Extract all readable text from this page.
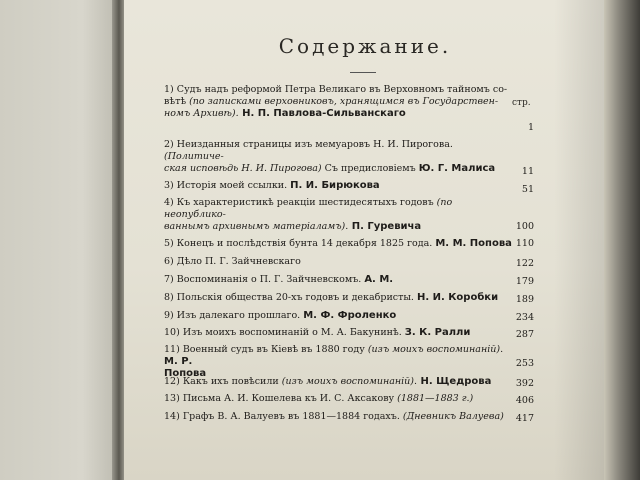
Содержание.
стр.
1) Судъ надъ реформой Петра Великаго въ Верховномъ тайномъ со-
вѣтѣ (по записками верховниковъ, хранящимся въ Государствен-
номъ Архивѣ). Н. П. Павлова-Сильванскаго
1
2) Неизданныя страницы изъ мемуаровъ Н. И. Пирогова. (Политиче-
ская исповѣдь Н. И. Пирогова) Съ предисловіемъ Ю. Г. Малиса	11
3) Исторія моей ссылки. П. И. Бирюкова	51
4) Къ характеристикѣ реакціи шестидесятыхъ годовъ (по неопублико-
ваннымъ архивнымъ матеріаламъ). П. Гуревича	100
5) Конецъ и послѣдствія бунта 14 декабря 1825 года. М. М. Попова 110
6) Дѣло П. Г. Зайчневскаго	122
7) Воспоминанія о П. Г. Зайчневскомъ. А. М.	179
8) Польскія общества 20-хъ годовъ и декабристы. Н. И. Коробки	189
9) Изъ далекаго прошлаго. М. Ф. Фроленко	234
10) Изъ моихъ воспоминаній о М. А. Бакунинѣ. З. К. Ралли	287
11) Военный судъ въ Кіевѣ въ 1880 году (изъ моихъ воспоминаній). М. Р.
Попова
253
12) Какъ ихъ повѣсили (изъ моихъ воспоминаній). Н. Щедрова	392
13) Письма А. И. Кошелева къ И. С. Аксакову (1881—1883 г.)	406
14) Графъ В. А. Валуевъ въ 1881—1884 годахъ. (Дневникъ Валуева)	417
